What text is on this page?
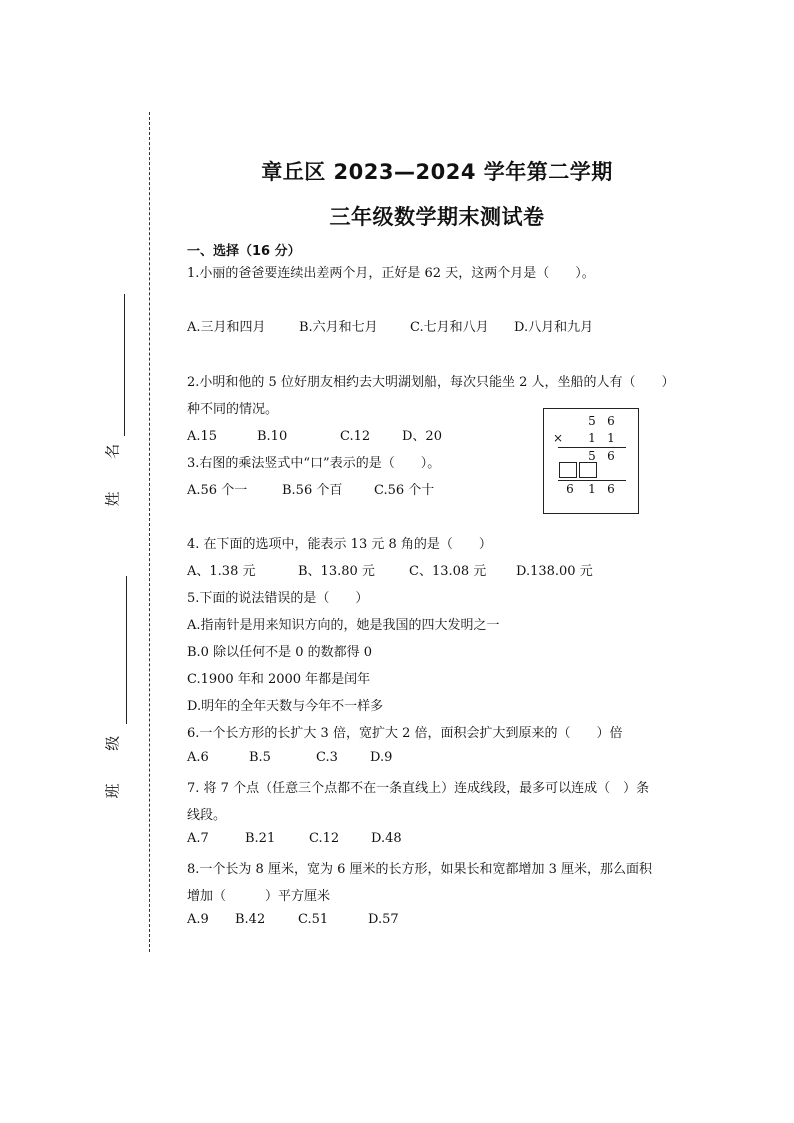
姓 名
班 级
章丘区 2023—2024 学年第二学期
三年级数学期末测试卷
一、选择（16 分）
1.小丽的爸爸要连续出差两个月，正好是 62 天，这两个月是（　　）。
A.三月和四月	B.六月和七月 C.七月和八月 D.八月和九月
2.小明和他的 5 位好朋友相约去大明湖划船，每次只能坐 2 人，坐船的人有（　　）
种不同的情况。
A.15	B.10	C.12 D、20
3.右图的乘法竖式中“口”表示的是（　　）。
A.56 个一	B.56 个百 C.56 个十
5 6
× 1 1
5 6
6 1 6
4. 在下面的选项中，能表示 13 元 8 角的是（　　）
A、1.38 元	B、13.80 元	C、13.08 元 D.138.00 元
5.下面的说法错误的是（　　）
A.指南针是用来知识方向的，她是我国的四大发明之一
B.0 除以任何不是 0 的数都得 0
C.1900 年和 2000 年都是闰年
D.明年的全年天数与今年不一样多
6.一个长方形的长扩大 3 倍，宽扩大 2 倍，面积会扩大到原来的（　　）倍
A.6	B.5	C.3 D.9
7. 将 7 个点（任意三个点都不在一条直线上）连成线段，最多可以连成（　）条
线段。
A.7	B.21	C.12 D.48
8.一个长为 8 厘米，宽为 6 厘米的长方形，如果长和宽都增加 3 厘米，那么面积
增加（　　　）平方厘米
A.9 B.42	C.51	D.57
